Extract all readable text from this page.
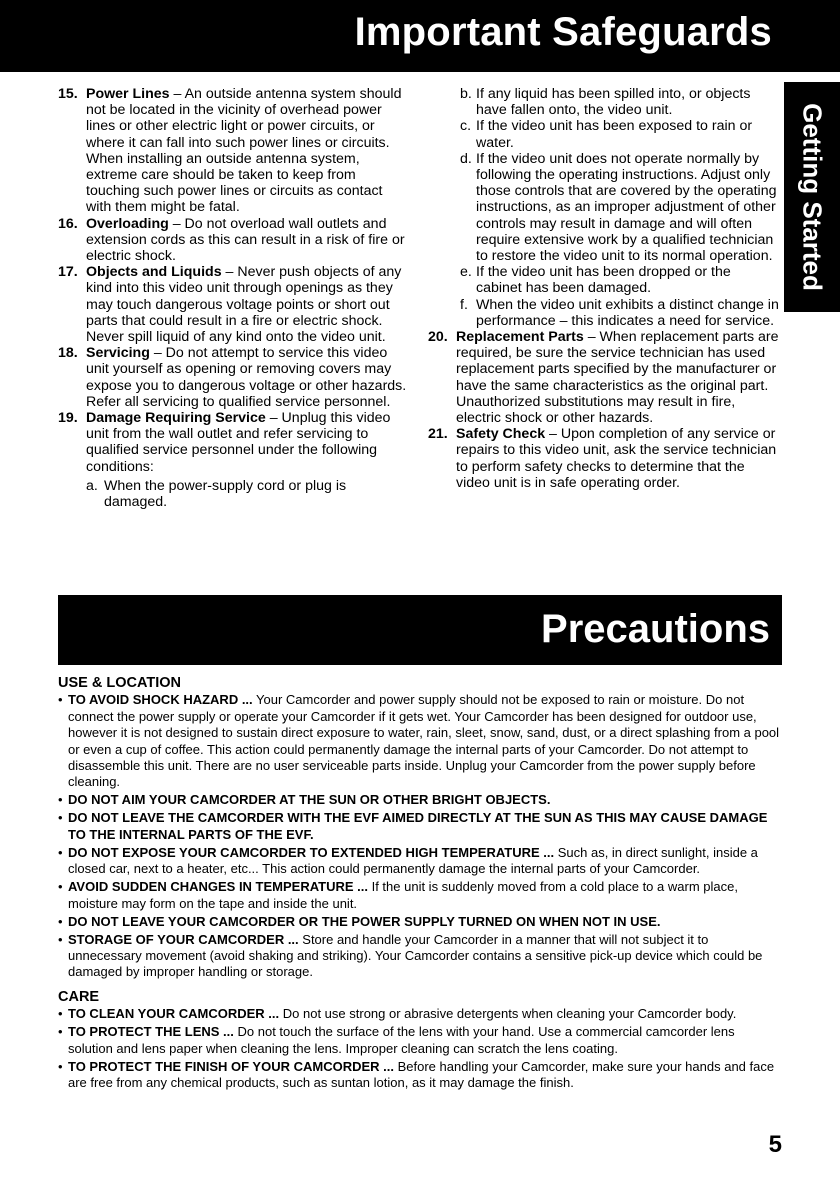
Important Safeguards
Getting Started
15. Power Lines – An outside antenna system should not be located in the vicinity of overhead power lines or other electric light or power circuits, or where it can fall into such power lines or circuits. When installing an outside antenna system, extreme care should be taken to keep from touching such power lines or circuits as contact with them might be fatal.
16. Overloading – Do not overload wall outlets and extension cords as this can result in a risk of fire or electric shock.
17. Objects and Liquids – Never push objects of any kind into this video unit through openings as they may touch dangerous voltage points or short out parts that could result in a fire or electric shock. Never spill liquid of any kind onto the video unit.
18. Servicing – Do not attempt to service this video unit yourself as opening or removing covers may expose you to dangerous voltage or other hazards. Refer all servicing to qualified service personnel.
19. Damage Requiring Service – Unplug this video unit from the wall outlet and refer servicing to qualified service personnel under the following conditions:
a. When the power-supply cord or plug is damaged.
b. If any liquid has been spilled into, or objects have fallen onto, the video unit.
c. If the video unit has been exposed to rain or water.
d. If the video unit does not operate normally by following the operating instructions. Adjust only those controls that are covered by the operating instructions, as an improper adjustment of other controls may result in damage and will often require extensive work by a qualified technician to restore the video unit to its normal operation.
e. If the video unit has been dropped or the cabinet has been damaged.
f. When the video unit exhibits a distinct change in performance – this indicates a need for service.
20. Replacement Parts – When replacement parts are required, be sure the service technician has used replacement parts specified by the manufacturer or have the same characteristics as the original part. Unauthorized substitutions may result in fire, electric shock or other hazards.
21. Safety Check – Upon completion of any service or repairs to this video unit, ask the service technician to perform safety checks to determine that the video unit is in safe operating order.
Precautions
USE & LOCATION
• TO AVOID SHOCK HAZARD ... Your Camcorder and power supply should not be exposed to rain or moisture. Do not connect the power supply or operate your Camcorder if it gets wet. Your Camcorder has been designed for outdoor use, however it is not designed to sustain direct exposure to water, rain, sleet, snow, sand, dust, or a direct splashing from a pool or even a cup of coffee. This action could permanently damage the internal parts of your Camcorder. Do not attempt to disassemble this unit. There are no user serviceable parts inside. Unplug your Camcorder from the power supply before cleaning.
• DO NOT AIM YOUR CAMCORDER AT THE SUN OR OTHER BRIGHT OBJECTS.
• DO NOT LEAVE THE CAMCORDER WITH THE EVF AIMED DIRECTLY AT THE SUN AS THIS MAY CAUSE DAMAGE TO THE INTERNAL PARTS OF THE EVF.
• DO NOT EXPOSE YOUR CAMCORDER TO EXTENDED HIGH TEMPERATURE ... Such as, in direct sunlight, inside a closed car, next to a heater, etc... This action could permanently damage the internal parts of your Camcorder.
• AVOID SUDDEN CHANGES IN TEMPERATURE ... If the unit is suddenly moved from a cold place to a warm place, moisture may form on the tape and inside the unit.
• DO NOT LEAVE YOUR CAMCORDER OR THE POWER SUPPLY TURNED ON WHEN NOT IN USE.
• STORAGE OF YOUR CAMCORDER ... Store and handle your Camcorder in a manner that will not subject it to unnecessary movement (avoid shaking and striking). Your Camcorder contains a sensitive pick-up device which could be damaged by improper handling or storage.
CARE
• TO CLEAN YOUR CAMCORDER ... Do not use strong or abrasive detergents when cleaning your Camcorder body.
• TO PROTECT THE LENS ... Do not touch the surface of the lens with your hand. Use a commercial camcorder lens solution and lens paper when cleaning the lens. Improper cleaning can scratch the lens coating.
• TO PROTECT THE FINISH OF YOUR CAMCORDER ... Before handling your Camcorder, make sure your hands and face are free from any chemical products, such as suntan lotion, as it may damage the finish.

5
